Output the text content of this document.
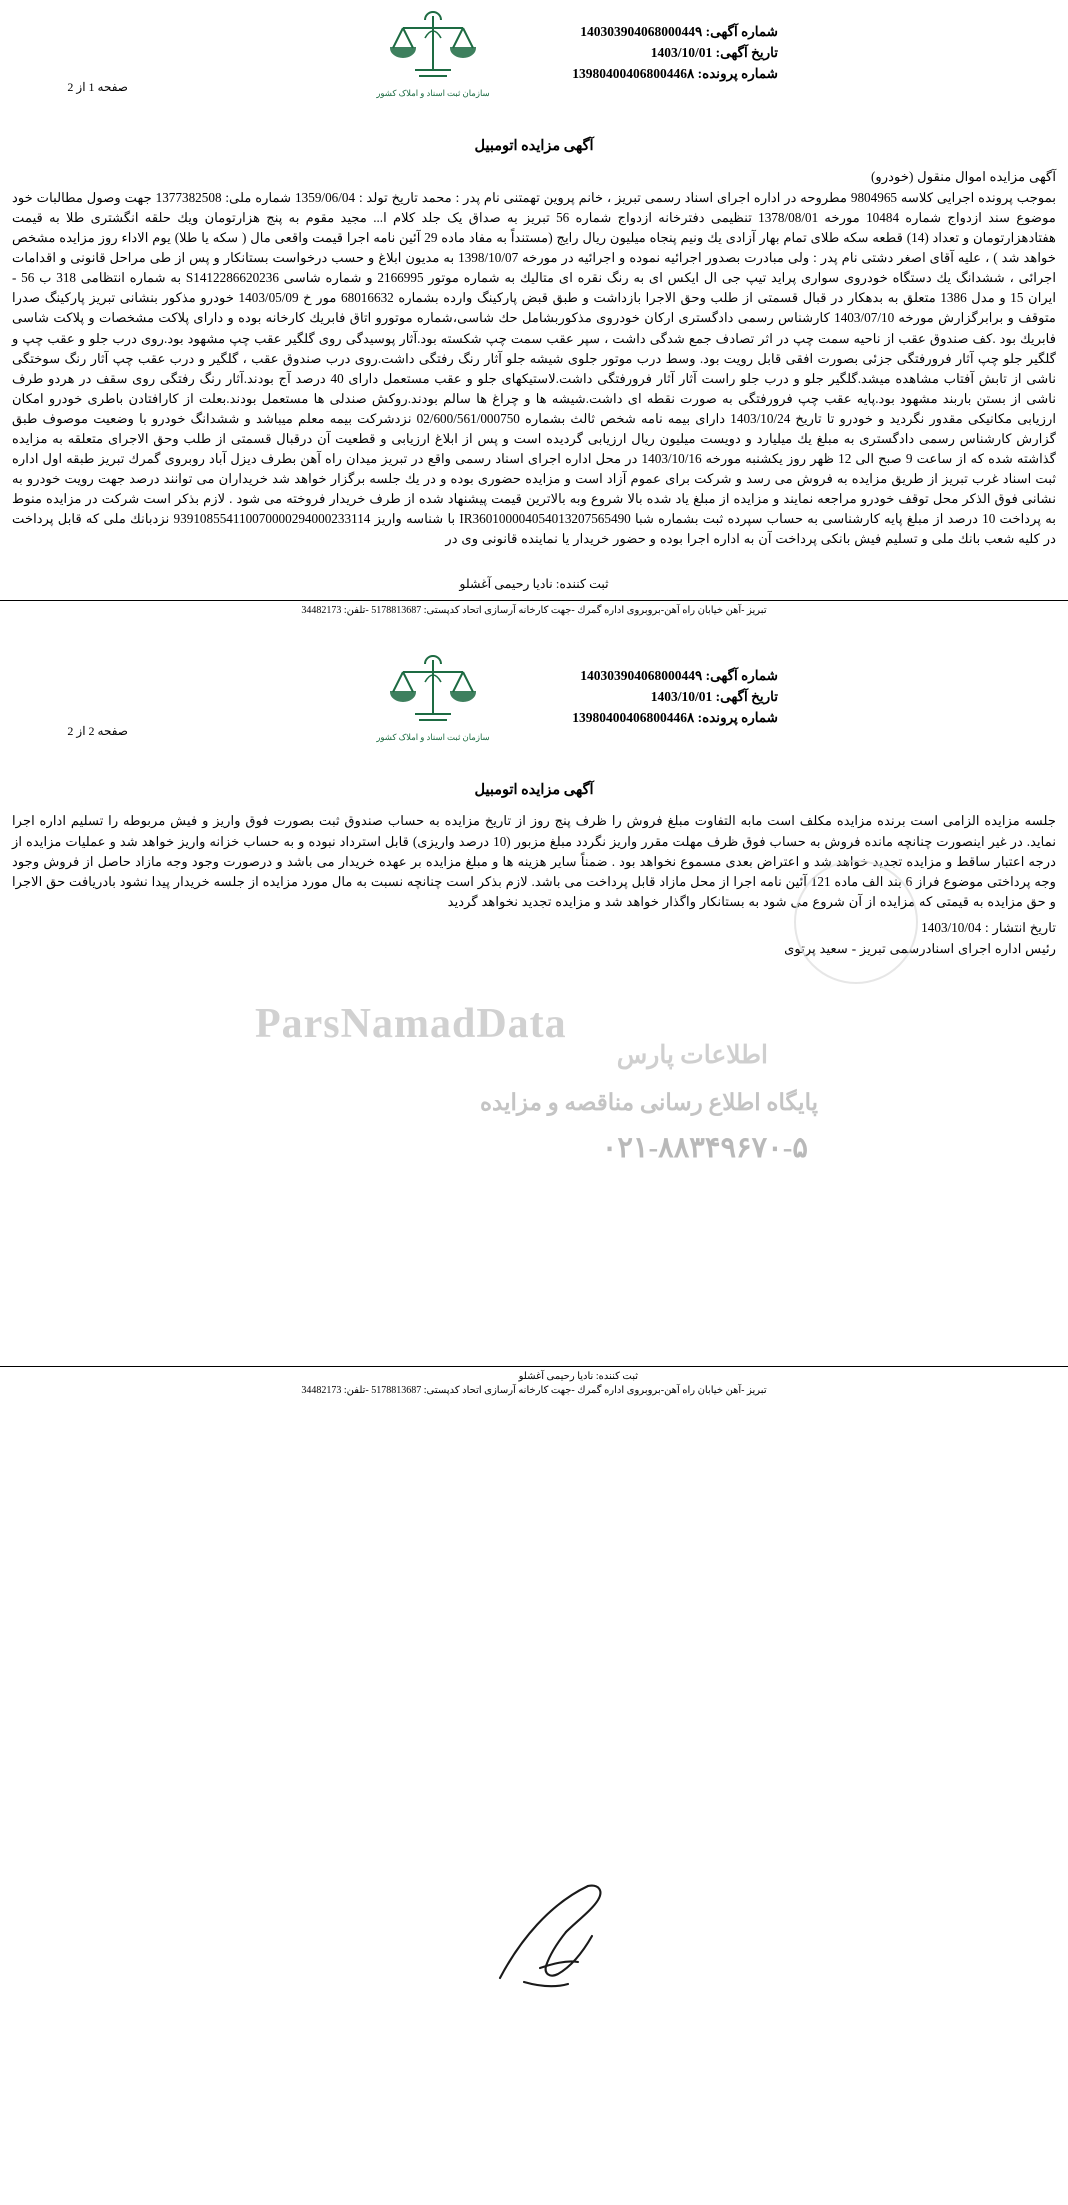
سازمان ثبت اسناد و املاک کشور
شماره آگهی: 14030390406800044۹
تاریخ آگهی: 1403/10/01
شماره پرونده: 13980400406800446۸
صفحه 1 از 2
آگهی مزایده اتومبیل

آگهی مزایده اموال منقول (خودرو)

بموجب پرونده اجرایی کلاسه 9804965 مطروحه در اداره اجرای اسناد رسمی تبریز ، خانم پروین تهمتنی نام پدر : محمد تاریخ تولد : 1359/06/04 شماره ملی: 1377382508 جهت وصول مطالبات خود موضوع سند ازدواج شماره 10484 مورخه 1378/08/01 تنظیمی دفترخانه ازدواج شماره 56 تبریز به صداق یک جلد کلام ا... مجید مقوم به پنج هزارتومان ویك حلقه انگشتری طلا به قیمت هفتادهزارتومان و تعداد (14) قطعه سکه طلای تمام بهار آزادی یك ونیم پنجاه میلیون ریال رایج (مستنداً به مفاد ماده 29 آئین نامه اجرا قیمت واقعی مال ( سکه یا طلا) یوم الاداء روز مزایده مشخص خواهد شد ) ، علیه آقای اصغر دشتی نام پدر : ولی مبادرت بصدور اجرائیه نموده و اجرائیه در مورخه 1398/10/07 به مدیون ابلاغ و حسب درخواست بستانکار و پس از طی مراحل قانونی و اقدامات اجرائی ، ششدانگ یك دستگاه خودروی سواری پراید تیپ جی ال ایکس ای به رنگ نقره ای متالیك به شماره موتور 2166995 و شماره شاسی S1412286620236 به شماره انتظامی 318 ب 56 - ایران 15 و مدل 1386 متعلق به بدهکار در قبال قسمتی از طلب وحق الاجرا بازداشت و طبق قبض پارکینگ وارده بشماره 68016632 مور خ 1403/05/09 خودرو مذکور بنشانی تبریز پارکینگ صدرا متوقف و برابرگزارش مورخه 1403/07/10 کارشناس رسمی دادگستری ارکان خودروی مذکوربشامل حك شاسی،شماره موتورو اتاق فابریك کارخانه بوده و دارای پلاکت مشخصات و پلاکت شاسی فابریك بود .کف صندوق عقب از ناحیه سمت چپ در اثر تصادف جمع شدگی داشت ، سپر عقب سمت چپ شکسته بود.آثار پوسیدگی روی گلگیر عقب چپ مشهود بود.روی درب جلو و عقب چپ و گلگیر جلو چپ آثار فرورفتگی جزئی بصورت افقی قابل رویت بود. وسط درب موتور جلوی شیشه جلو آثار رنگ رفتگی داشت.روی درب صندوق عقب ، گلگیر و درب عقب چپ آثار رنگ سوختگی ناشی از تابش آفتاب مشاهده میشد.گلگیر جلو و درب جلو راست آثار آثار فرورفتگی داشت.لاستیکهای جلو و عقب مستعمل دارای 40 درصد آج بودند.آثار رنگ رفتگی روی سقف در هردو طرف ناشی از بستن باربند مشهود بود.پایه عقب چپ فرورفتگی به صورت نقطه ای داشت.شیشه ها و چراغ ها سالم بودند.روکش صندلی ها مستعمل بودند.بعلت از کارافتادن باطری خودرو امکان ارزیابی مکانیکی مقدور نگردید و خودرو تا تاریخ 1403/10/24 دارای بیمه نامه شخص ثالث بشماره 02/600/561/000750 نزدشرکت بیمه معلم میباشد و ششدانگ خودرو با وضعیت موصوف طبق گزارش کارشناس رسمی دادگستری به مبلغ یك میلیارد و دویست میلیون ریال ارزیابی گردیده است و پس از ابلاغ ارزیابی و قطعیت آن درقبال قسمتی از طلب وحق الاجرای متعلقه به مزایده گذاشته شده که از ساعت 9 صبح الی 12 ظهر روز یکشنبه مورخه 1403/10/16 در محل اداره اجرای اسناد رسمی واقع در تبریز میدان راه آهن بطرف دیزل آباد روبروی گمرك تبریز طبقه اول اداره ثبت اسناد غرب تبریز از طریق مزایده به فروش می رسد و شرکت برای عموم آزاد است و مزایده حضوری بوده و در یك جلسه برگزار خواهد شد خریداران می توانند درصد جهت رویت خودرو به نشانی فوق الذکر محل توقف خودرو مراجعه نمایند و مزایده از مبلغ یاد شده بالا شروع وبه بالاترین قیمت پیشنهاد شده از طرف خریدار فروخته می شود . لازم بذکر است شرکت در مزایده منوط به پرداخت 10 درصد از مبلغ پایه کارشناسی به حساب سپرده ثبت بشماره شبا IR360100004054013207565490 با شناسه واریز 939108554110070000294000233114 نزدبانك ملی که قابل پرداخت در کلیه شعب بانك ملی و تسلیم فیش بانکی پرداخت آن به اداره اجرا بوده و حضور خریدار یا نماینده قانونی وی در

ثبت کننده: نادیا رحیمی آغشلو
تبریز -آهن خیابان راه آهن-بروبروی اداره گمرك -جهت کارخانه آرسازی اتحاد کدپستی: 5178813687 -تلفن: 34482173
سازمان ثبت اسناد و املاک کشور
شماره آگهی: 14030390406800044۹
تاریخ آگهی: 1403/10/01
شماره پرونده: 13980400406800446۸
صفحه 2 از 2
آگهی مزایده اتومبیل

جلسه مزایده الزامی است برنده مزایده مکلف است مابه التفاوت مبلغ فروش را ظرف پنج روز از تاریخ مزایده به حساب صندوق ثبت بصورت فوق واریز و فیش مربوطه را تسلیم اداره اجرا نماید. در غیر اینصورت چنانچه مانده فروش به حساب فوق ظرف مهلت مقرر واریز نگردد مبلغ مزبور (10 درصد واریزی) قابل استرداد نبوده و به حساب خزانه واریز خواهد شد و عملیات مزایده از درجه اعتبار ساقط و مزایده تجدید خواهد شد و اعتراض بعدی مسموع نخواهد بود . ضمناً سایر هزینه ها و مبلغ مزایده بر عهده خریدار می باشد و درصورت وجود وجه مازاد حاصل از فروش وجود وجه پرداختی موضوع فراز 6 بند الف ماده 121 آئین نامه اجرا از محل مازاد قابل پرداخت می باشد. لازم بذکر است چنانچه نسبت به مال مورد مزایده از جلسه خریدار پیدا نشود بادریافت حق الاجرا و حق مزایده به قیمتی که مزایده از آن شروع می شود به بستانکار واگذار خواهد شد و مزایده تجدید نخواهد گردید

تاریخ انتشار : 1403/10/04

رئیس اداره اجرای اسنادرسمی تبریز - سعید پرتوی

ثبت کننده: نادیا رحیمی آغشلو
تبریز -آهن خیابان راه آهن-بروبروی اداره گمرك -جهت کارخانه آرسازی اتحاد کدپستی: 5178813687 -تلفن: 34482173
ParsNamadData
اطلاعات پارس
پایگاه اطلاع رسانی مناقصه و مزایده
۰۲۱-۸۸۳۴۹۶۷۰-۵
